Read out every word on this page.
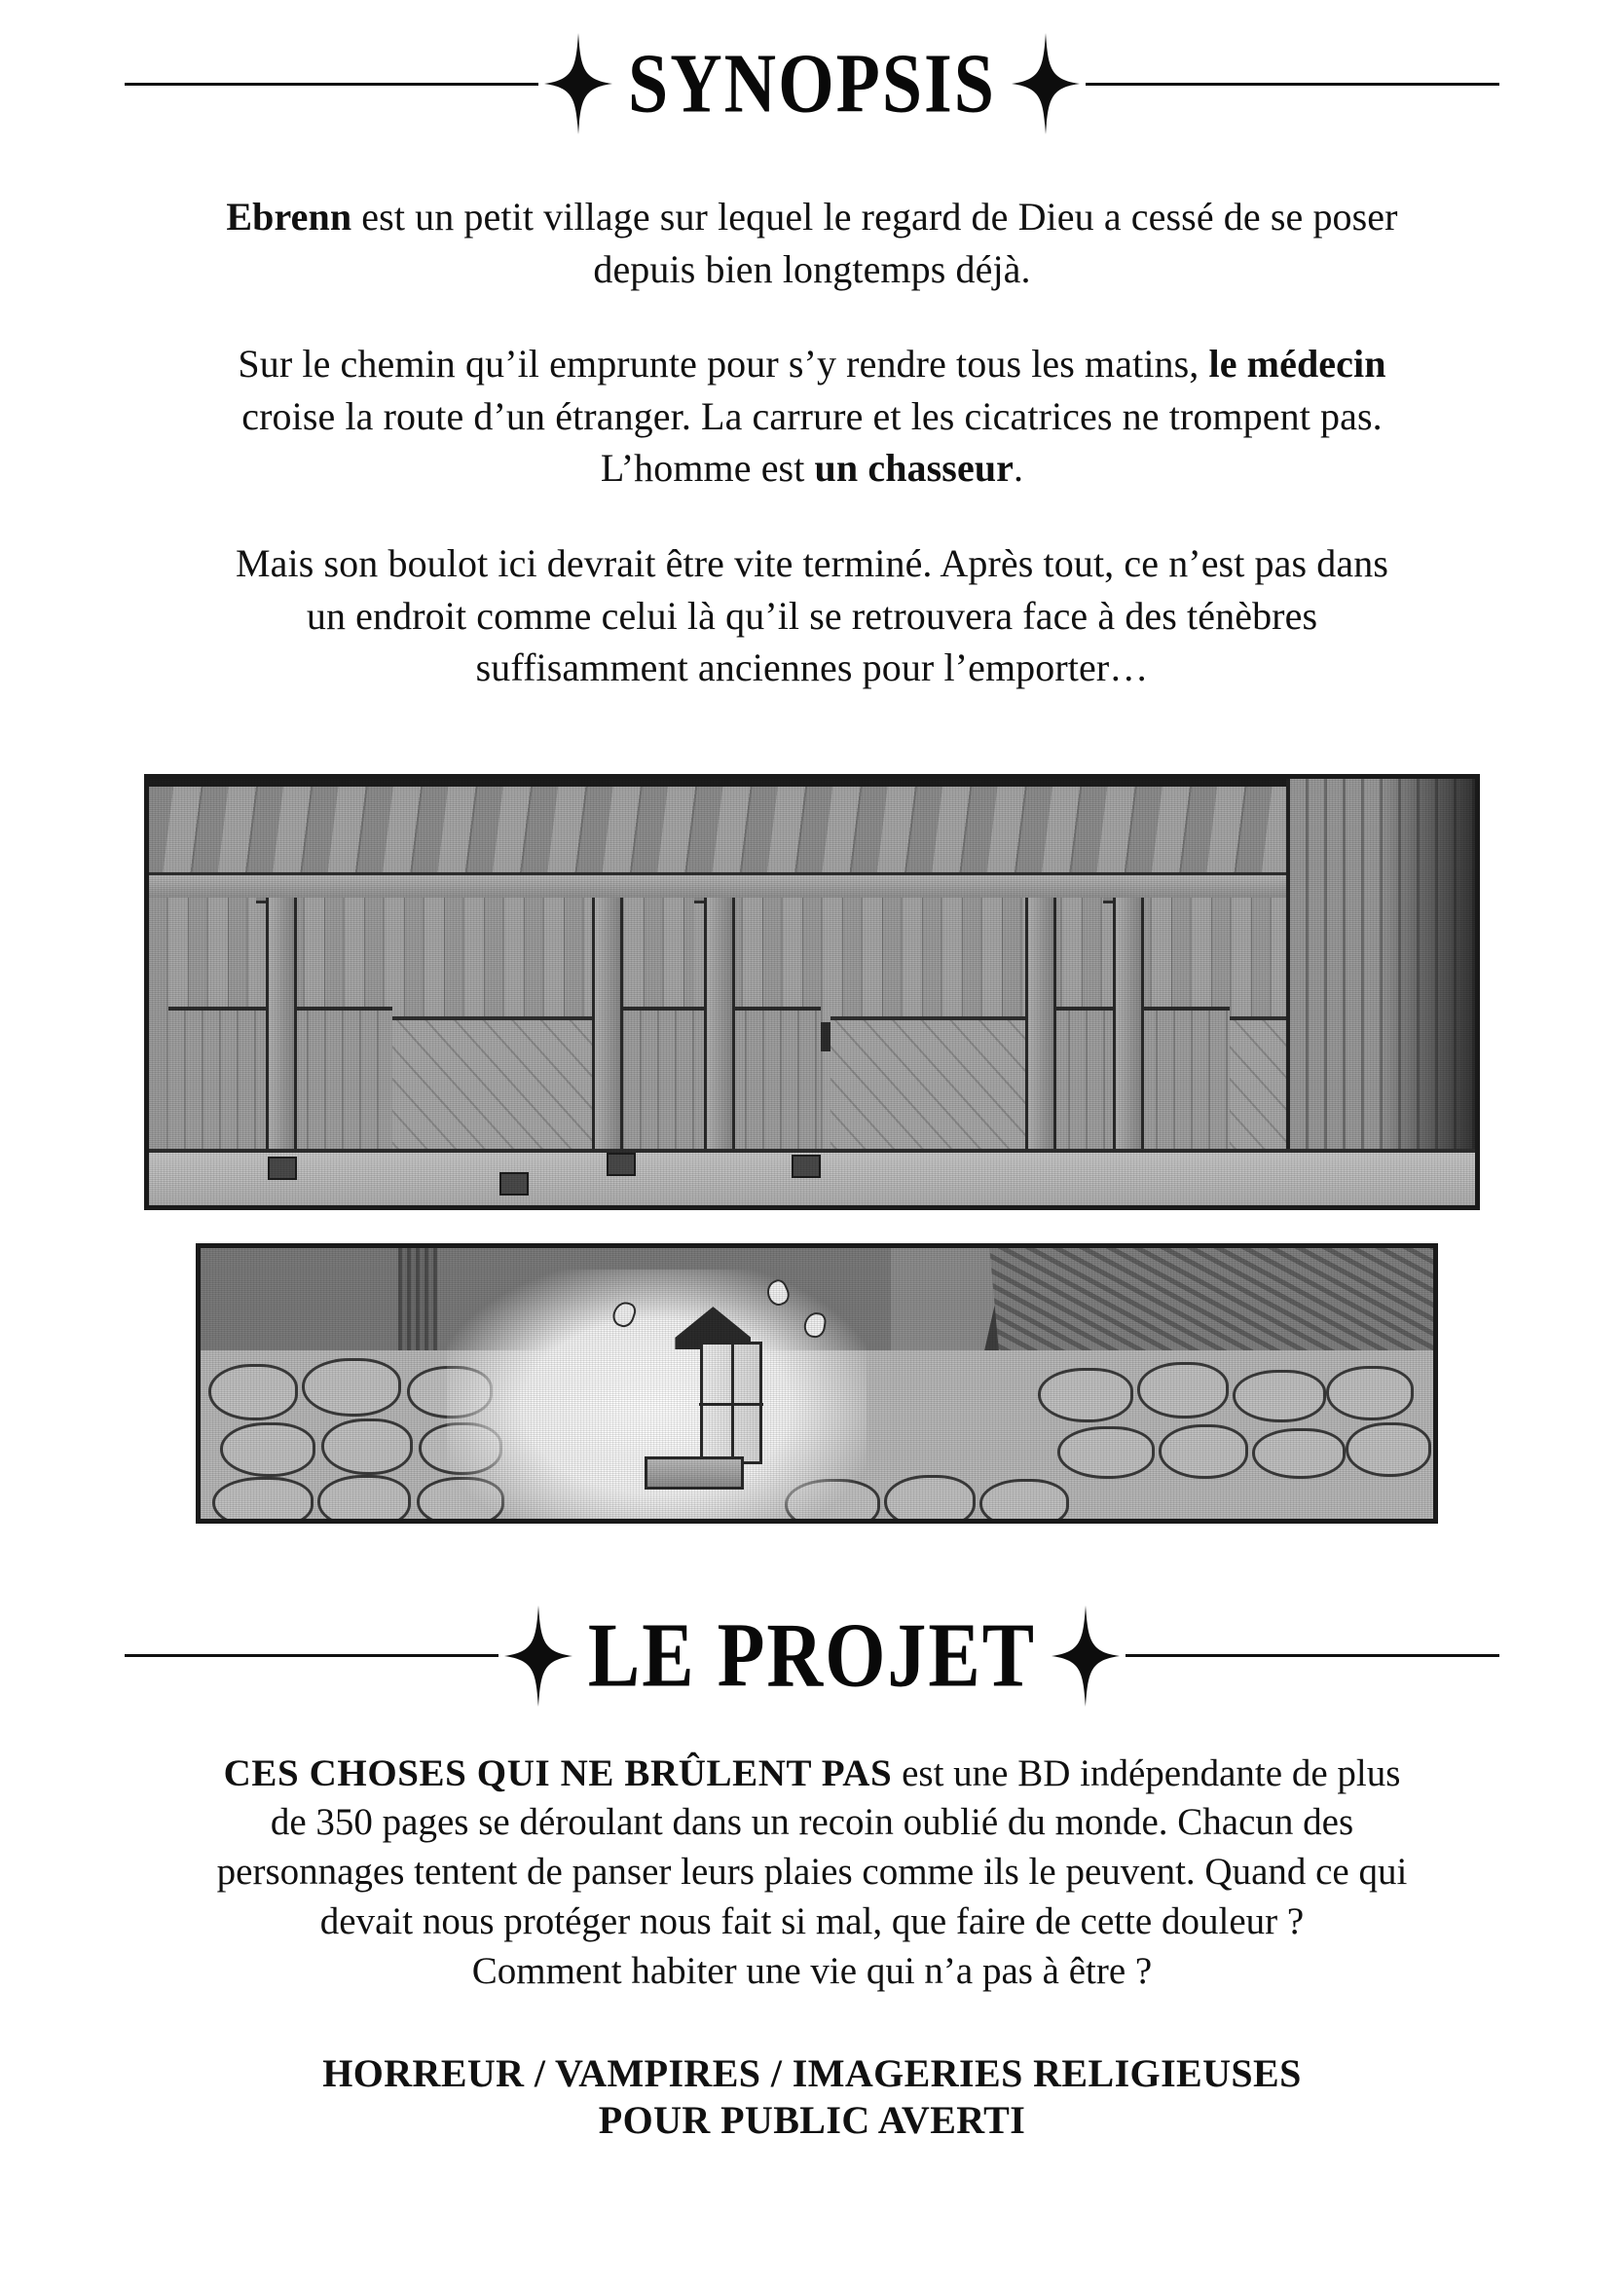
SYNOPSIS

Ebrenn est un petit village sur lequel le regard de Dieu a cessé de se poser depuis bien longtemps déjà.

Sur le chemin qu’il emprunte pour s’y rendre tous les matins, le médecin croise la route d’un étranger. La carrure et les cicatrices ne trompent pas. L’homme est un chasseur.

Mais son boulot ici devrait être vite terminé. Après tout, ce n’est pas dans un endroit comme celui là qu’il se retrouvera face à des ténèbres suffisamment anciennes pour l’emporter…

LE PROJET

CES CHOSES QUI NE BRÛLENT PAS est une BD indépendante de plus de 350 pages se déroulant dans un recoin oublié du monde. Chacun des personnages tentent de panser leurs plaies comme ils le peuvent. Quand ce qui devait nous protéger nous fait si mal, que faire de cette douleur ?

Comment habiter une vie qui n’a pas à être ?

HORREUR / VAMPIRES / IMAGERIES RELIGIEUSES
POUR PUBLIC AVERTI
